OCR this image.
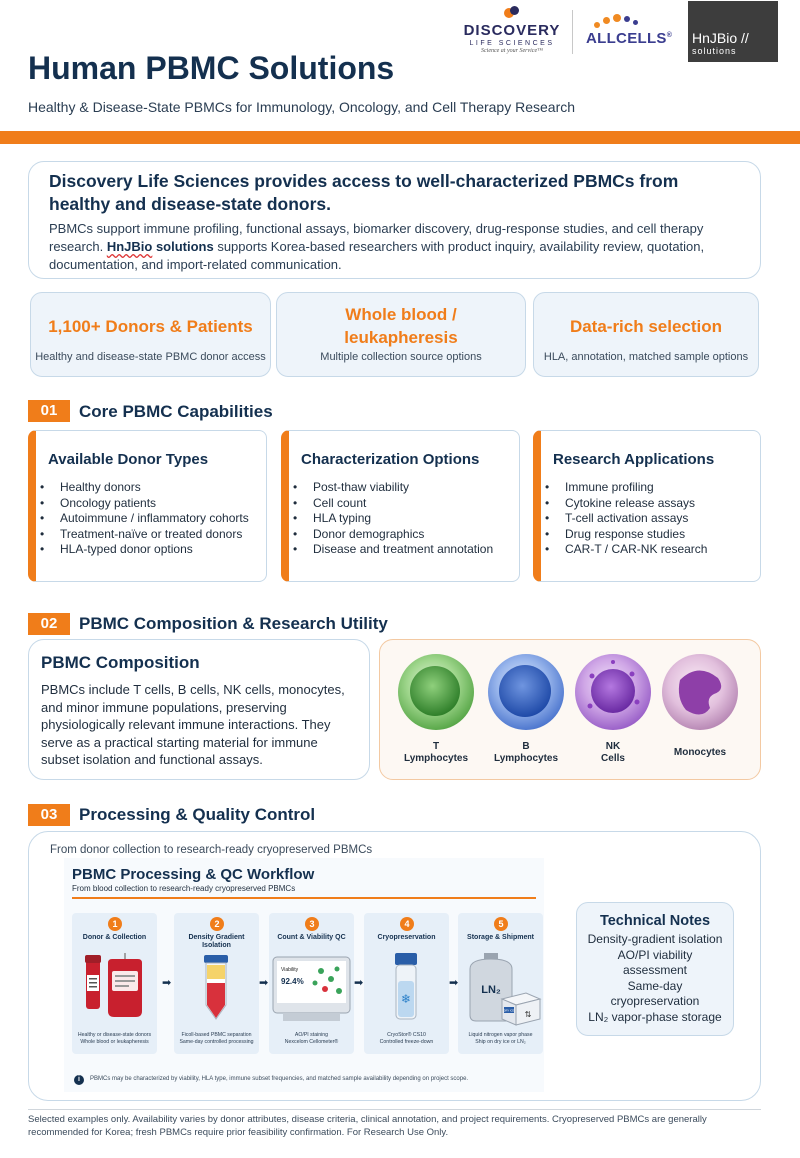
DISCOVERY
LIFE SCIENCES
Science at your Service™
ALLCELLS®	HnJBio //
solutions
Human PBMC Solutions
Healthy & Disease-State PBMCs for Immunology, Oncology, and Cell Therapy Research
Discovery Life Sciences provides access to well-characterized PBMCs from healthy and disease-state donors.

PBMCs support immune profiling, functional assays, biomarker discovery, drug-response studies, and cell therapy research. HnJBio solutions supports Korea-based researchers with product inquiry, availability review, quotation, documentation, and import-related communication.

1,100+ Donors & Patients
Healthy and disease-state PBMC donor access
Whole blood /
leukapheresis
Multiple collection source options
Data-rich selection
HLA, annotation, matched sample options
01	Core PBMC Capabilities
Available Donor Types
• Healthy donors
• Oncology patients
• Autoimmune / inflammatory cohorts
• Treatment-naïve or treated donors
• HLA-typed donor options
Characterization Options
• Post-thaw viability
• Cell count
• HLA typing
• Donor demographics
• Disease and treatment annotation
Research Applications
• Immune profiling
• Cytokine release assays
• T-cell activation assays
• Drug response studies
• CAR-T / CAR-NK research
02	PBMC Composition & Research Utility
PBMC Composition

PBMCs include T cells, B cells, NK cells, monocytes, and minor immune populations, preserving physiologically relevant immune interactions. They serve as a practical starting material for immune subset isolation and functional assays.

T
Lymphocytes
B
Lymphocytes
NK
Cells
Monocytes
03	Processing & Quality Control
From donor collection to research-ready cryopreserved PBMCs
PBMC Processing & QC Workflow
From blood collection to research-ready cryopreserved PBMCs
1
Donor & Collection
Healthy or disease-state donors
Whole blood or leukapheresis
➡
2
Density Gradient Isolation
Ficoll-based PBMC separation
Same-day controlled processing
➡
3
Count & Viability QC
Viability
92.4%
AO/PI staining
Nexcelom Cellometer®
➡
4
Cryopreservation
❄
CryoStor® CS10
Controlled freeze-down
➡
5
Storage & Shipment
LN₂
DRY ICE ⇅
Liquid nitrogen vapor phase
Ship on dry ice or LN₂
i	PBMCs may be characterized by viability, HLA type, immune subset frequencies, and matched sample availability depending on project scope.
Technical Notes
Density-gradient isolation
AO/PI viability
assessment
Same-day
cryopreservation
LN₂ vapor-phase storage
Selected examples only. Availability varies by donor attributes, disease criteria, clinical annotation, and project requirements. Cryopreserved PBMCs are generally recommended for Korea; fresh PBMCs require prior feasibility confirmation. For Research Use Only.
